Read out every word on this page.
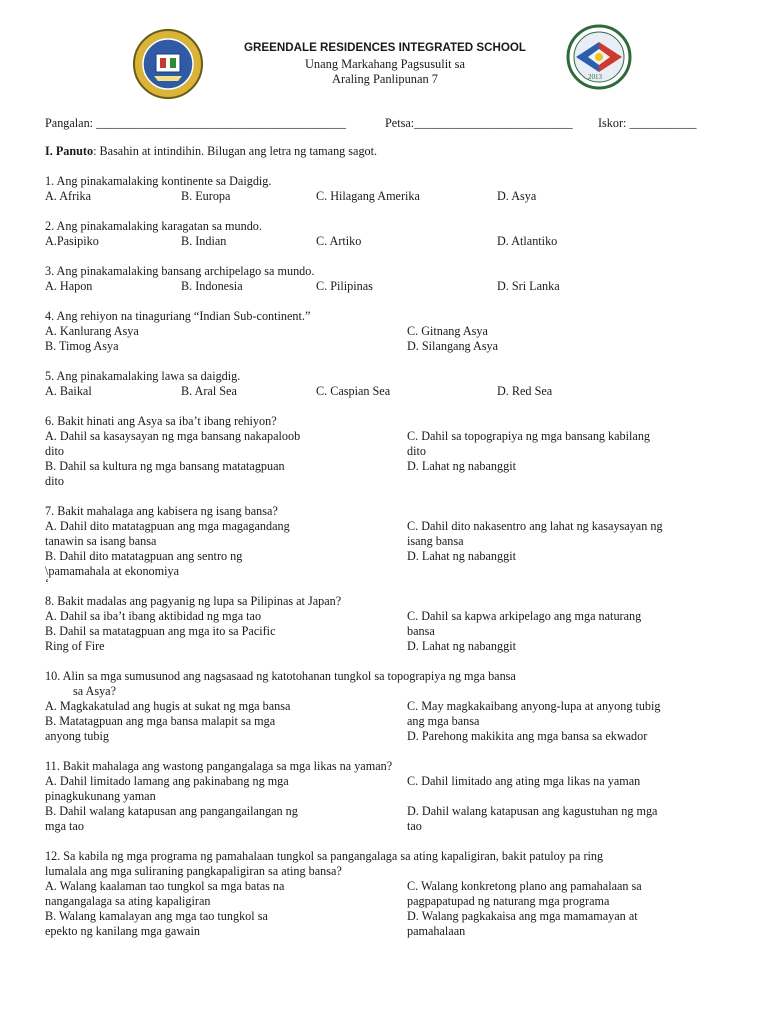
2013
GREENDALE RESIDENCES INTEGRATED SCHOOL
Unang Markahang Pagsusulit sa
Araling Panlipunan 7
Pangalan: _________________________________________	Petsa:__________________________ Iskor: ___________
I. Panuto: Basahin at intindihin. Bilugan ang letra ng tamang sagot.
1. Ang pinakamalaking kontinente sa Daigdig.
A. Afrika	B. Europa	C. Hilagang Amerika	D. Asya
2. Ang pinakamalaking karagatan sa mundo.
A.Pasipiko	B. Indian	C. Artiko	D. Atlantiko
3. Ang pinakamalaking bansang archipelago sa mundo.
A. Hapon	B. Indonesia	C. Pilipinas	D. Sri Lanka
4. Ang rehiyon na tinaguriang “Indian Sub-continent.”
A. Kanlurang Asya	C. Gitnang Asya
B. Timog Asya	D. Silangang Asya
5. Ang pinakamalaking lawa sa daigdig.
A. Baikal	B. Aral Sea	C. Caspian Sea	D. Red Sea
6. Bakit hinati ang Asya sa iba’t ibang rehiyon?
A. Dahil sa kasaysayan ng mga bansang nakapaloob	C. Dahil sa topograpiya ng mga bansang kabilang
dito	dito
B. Dahil sa kultura ng mga bansang matatagpuan	D. Lahat ng nabanggit
dito
7. Bakit mahalaga ang kabisera ng isang bansa?
A. Dahil dito matatagpuan ang mga magagandang	C. Dahil dito nakasentro ang lahat ng kasaysayan ng
tanawin sa isang bansa	isang bansa
B. Dahil dito matatagpuan ang sentro ng	D. Lahat ng nabanggit
\pamamahala at ekonomiya
‘
8. Bakit madalas ang pagyanig ng lupa sa Pilipinas at Japan?
A. Dahil sa iba’t ibang aktibidad ng mga tao	C. Dahil sa kapwa arkipelago ang mga naturang
B. Dahil sa matatagpuan ang mga ito sa Pacific	bansa
Ring of Fire	D. Lahat ng nabanggit
10. Alin sa mga sumusunod ang nagsasaad ng katotohanan tungkol sa topograpiya ng mga bansa
sa Asya?
A. Magkakatulad ang hugis at sukat ng mga bansa	C. May magkakaibang anyong-lupa at anyong tubig
B. Matatagpuan ang mga bansa malapit sa mga	ang mga bansa
anyong tubig	D. Parehong makikita ang mga bansa sa ekwador
11. Bakit mahalaga ang wastong pangangalaga sa mga likas na yaman?
A. Dahil limitado lamang ang pakinabang ng mga	C. Dahil limitado ang ating mga likas na yaman
pinagkukunang yaman
B. Dahil walang katapusan ang pangangailangan ng	D. Dahil walang katapusan ang kagustuhan ng mga
mga tao	tao
12. Sa kabila ng mga programa ng pamahalaan tungkol sa pangangalaga sa ating kapaligiran, bakit patuloy pa ring
lumalala ang mga suliraning pangkapaligiran sa ating bansa?
A. Walang kaalaman tao tungkol sa mga batas na	C. Walang konkretong plano ang pamahalaan sa
nangangalaga sa ating kapaligiran	pagpapatupad ng naturang mga programa
B. Walang kamalayan ang mga tao tungkol sa	D. Walang pagkakaisa ang mga mamamayan at
epekto ng kanilang mga gawain	pamahalaan
